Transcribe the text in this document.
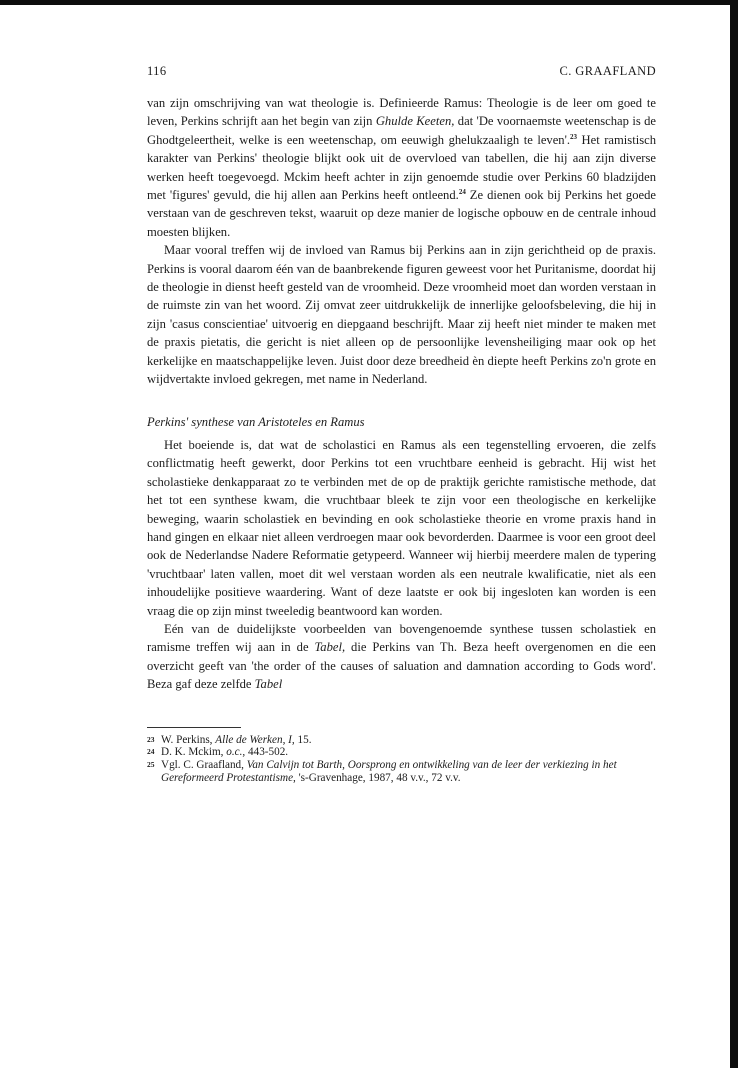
116	C. GRAAFLAND

van zijn omschrijving van wat theologie is. Definieerde Ramus: Theologie is de leer om goed te leven, Perkins schrijft aan het begin van zijn Ghulde Keeten, dat 'De voornaemste weetenschap is de Ghodtgeleertheit, welke is een weetenschap, om eeuwigh ghelukzaaligh te leven'.$^{23}$ Het ramistisch karakter van Perkins' theologie blijkt ook uit de overvloed van tabellen, die hij aan zijn diverse werken heeft toegevoegd. Mckim heeft achter in zijn genoemde studie over Perkins 60 bladzijden met 'figures' gevuld, die hij allen aan Perkins heeft ontleend.$^{24}$ Ze dienen ook bij Perkins het goede verstaan van de geschreven tekst, waaruit op deze manier de logische opbouw en de centrale inhoud moesten blijken.

Maar vooral treffen wij de invloed van Ramus bij Perkins aan in zijn gerichtheid op de praxis. Perkins is vooral daarom één van de baanbrekende figuren geweest voor het Puritanisme, doordat hij de theologie in dienst heeft gesteld van de vroomheid. Deze vroomheid moet dan worden verstaan in de ruimste zin van het woord. Zij omvat zeer uitdrukkelijk de innerlijke geloofsbeleving, die hij in zijn 'casus conscientiae' uitvoerig en diepgaand beschrijft. Maar zij heeft niet minder te maken met de praxis pietatis, die gericht is niet alleen op de persoonlijke levensheiliging maar ook op het kerkelijke en maatschappelijke leven. Juist door deze breedheid èn diepte heeft Perkins zo'n grote en wijdvertakte invloed gekregen, met name in Nederland.

Perkins' synthese van Aristoteles en Ramus

Het boeiende is, dat wat de scholastici en Ramus als een tegenstelling ervoeren, die zelfs conflictmatig heeft gewerkt, door Perkins tot een vruchtbare eenheid is gebracht. Hij wist het scholastieke denkapparaat zo te verbinden met de op de praktijk gerichte ramistische methode, dat het tot een synthese kwam, die vruchtbaar bleek te zijn voor een theologische en kerkelijke beweging, waarin scholastiek en bevinding en ook scholastieke theorie en vrome praxis hand in hand gingen en elkaar niet alleen verdroegen maar ook bevorderden. Daarmee is voor een groot deel ook de Nederlandse Nadere Reformatie getypeerd. Wanneer wij hierbij meerdere malen de typering 'vruchtbaar' laten vallen, moet dit wel verstaan worden als een neutrale kwalificatie, niet als een inhoudelijke positieve waardering. Want of deze laatste er ook bij ingesloten kan worden is een vraag die op zijn minst tweeledig beantwoord kan worden.

Eén van de duidelijkste voorbeelden van bovengenoemde synthese tussen scholastiek en ramisme treffen wij aan in de Tabel, die Perkins van Th. Beza heeft overgenomen en die een overzicht geeft van 'the order of the causes of saluation and damnation according to Gods word'. Beza gaf deze zelfde Tabel

23 W. Perkins, Alle de Werken, I, 15.
24 D. K. Mckim, o.c., 443-502.
25 Vgl. C. Graafland, Van Calvijn tot Barth, Oorsprong en ontwikkeling van de leer der verkiezing in het Gereformeerd Protestantisme, 's-Gravenhage, 1987, 48 v.v., 72 v.v.
